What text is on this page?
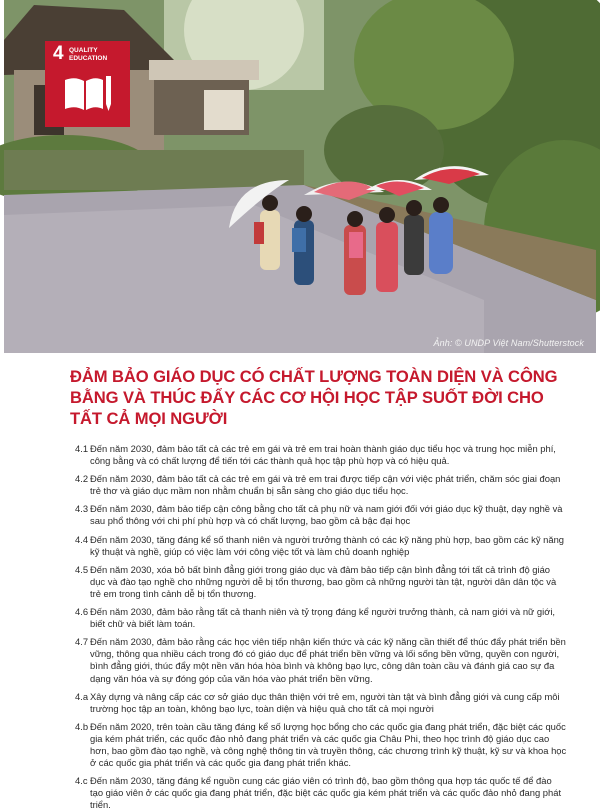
Ảnh: © UNDP Việt Nam/Shutterstock
4 QUALITY
EDUCATION
ĐẢM BẢO GIÁO DỤC CÓ CHẤT LƯỢNG TOÀN DIỆN VÀ CÔNG
BẰNG VÀ THÚC ĐẨY CÁC CƠ HỘI HỌC TẬP SUỐT ĐỜI CHO
TẤT CẢ MỌI NGƯỜI
4.1 Đến năm 2030, đảm bảo tất cả các trẻ em gái và trẻ em trai hoàn thành giáo dục tiểu học và trung học miễn phí, công bằng và có chất lượng để tiến tới các thành quả học tập phù hợp và có hiệu quả.
4.2 Đến năm 2030, đảm bảo tất cả các trẻ em gái và trẻ em trai được tiếp cận với việc phát triển, chăm sóc giai đoạn trẻ thơ và giáo dục mầm non nhằm chuẩn bị sẵn sàng cho giáo dục tiểu học.
4.3 Đến năm 2030, đảm bảo tiếp cận công bằng cho tất cả phụ nữ và nam giới đối với giáo dục kỹ thuật, dạy nghề và sau phổ thông với chi phí phù hợp và có chất lượng, bao gồm cả bậc đại học
4.4 Đến năm 2030, tăng đáng kể số thanh niên và người trưởng thành có các kỹ năng phù hợp, bao gồm các kỹ năng kỹ thuật và nghề, giúp có việc làm với công việc tốt và làm chủ doanh nghiệp
4.5 Đến năm 2030, xóa bỏ bất bình đẳng giới trong giáo dục và đảm bảo tiếp cận bình đẳng tới tất cả trình độ giáo dục và đào tạo nghề cho những người dễ bị tổn thương, bao gồm cả những người tàn tật, người dân dân tộc và trẻ em trong tình cảnh dễ bị tổn thương.
4.6 Đến năm 2030, đảm bảo rằng tất cả thanh niên và tỷ trọng đáng kể người trưởng thành, cả nam giới và nữ giới, biết chữ và biết làm toán.
4.7 Đến năm 2030, đảm bảo rằng các học viên tiếp nhận kiến thức và các kỹ năng cần thiết để thúc đẩy phát triển bền vững, thông qua nhiều cách trong đó có giáo dục để phát triển bền vững và lối sống bền vững, quyền con người, bình đẳng giới, thúc đẩy một nền văn hóa hòa bình và không bạo lực, công dân toàn cầu và đánh giá cao sự đa dạng văn hóa và sự đóng góp của văn hóa vào phát triển bền vững.
4.a Xây dựng và nâng cấp các cơ sở giáo dục thân thiện với trẻ em, người tàn tật và bình đẳng giới và cung cấp môi trường học tập an toàn, không bạo lực, toàn diện và hiệu quả cho tất cả mọi người
4.b Đến năm 2020, trên toàn cầu tăng đáng kể số lượng học bổng cho các quốc gia đang phát triển, đặc biệt các quốc gia kém phát triển, các quốc đảo nhỏ đang phát triển và các quốc gia Châu Phi, theo học trình độ giáo dục cao hơn, bao gồm đào tạo nghề, và công nghệ thông tin và truyền thông, các chương trình kỹ thuật, kỹ sư và khoa học ở các quốc gia phát triển và các quốc gia đang phát triển khác.
4.c Đến năm 2030, tăng đáng kể nguồn cung các giáo viên có trình độ, bao gồm thông qua hợp tác quốc tế để đào tạo giáo viên ở các quốc gia đang phát triển, đặc biệt các quốc gia kém phát triển và các quốc đảo nhỏ đang phát triển.
